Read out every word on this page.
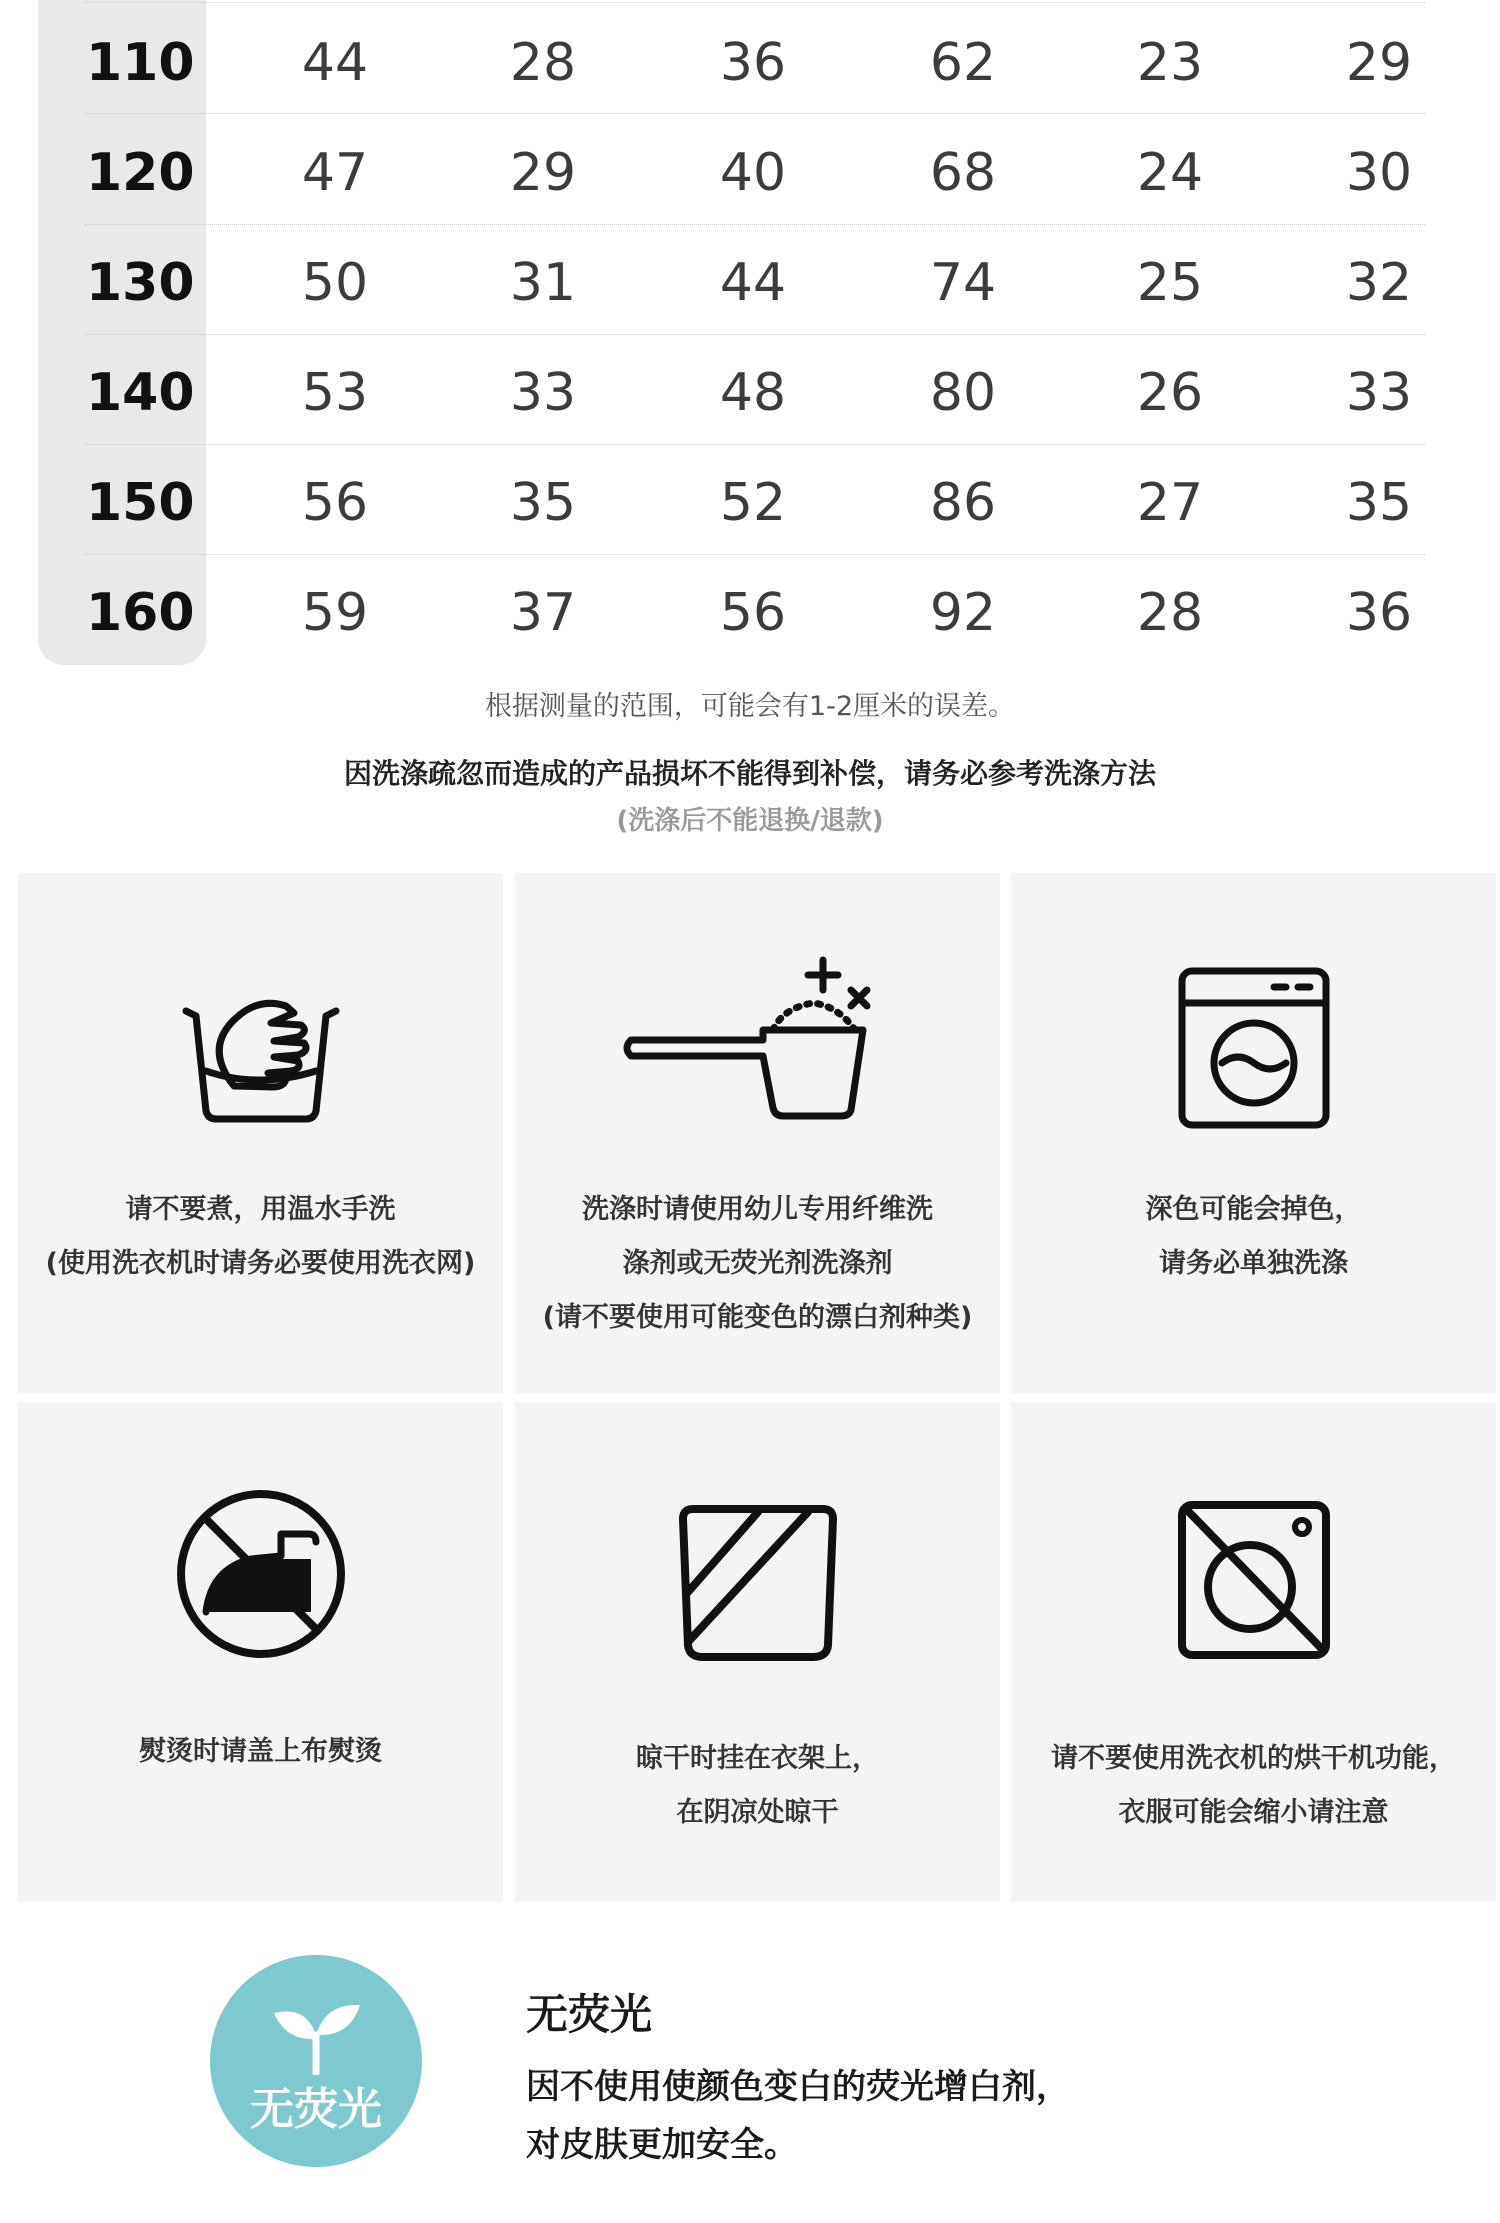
110	44	28	36	62	23	29
120	47	29	40	68	24	30
130	50	31	44	74	25	32
140	53	33	48	80	26	33
150	56	35	52	86	27	35
160	59	37	56	92	28	36
根据测量的范围，可能会有1-2厘米的误差。
因洗涤疏忽而造成的产品损坏不能得到补偿，请务必参考洗涤方法
(洗涤后不能退换/退款)
请不要煮，用温水手洗
(使用洗衣机时请务必要使用洗衣网)
洗涤时请使用幼儿专用纤维洗
涤剂或无荧光剂洗涤剂
(请不要使用可能变色的漂白剂种类)
深色可能会掉色，
请务必单独洗涤
熨烫时请盖上布熨烫	晾干时挂在衣架上，
在阴凉处晾干
请不要使用洗衣机的烘干机功能，
衣服可能会缩小请注意
无荧光
无荧光
因不使用使颜色变白的荧光增白剂，
对皮肤更加安全。
